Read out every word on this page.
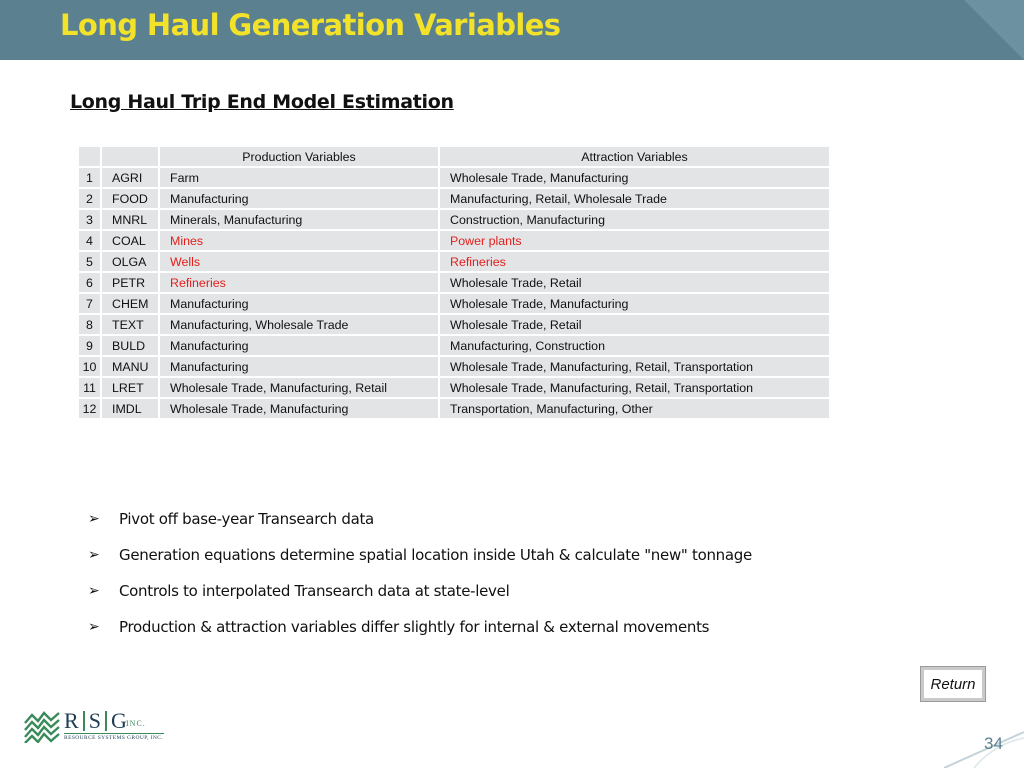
Long Haul Generation Variables
Long Haul Trip End Model Estimation
		Production Variables	Attraction Variables
1	AGRI	Farm	Wholesale Trade, Manufacturing
2	FOOD	Manufacturing	Manufacturing, Retail, Wholesale Trade
3	MNRL	Minerals, Manufacturing	Construction, Manufacturing
4	COAL	Mines	Power plants
5	OLGA	Wells	Refineries
6	PETR	Refineries	Wholesale Trade, Retail
7	CHEM	Manufacturing	Wholesale Trade, Manufacturing
8	TEXT	Manufacturing, Wholesale Trade	Wholesale Trade, Retail
9	BULD	Manufacturing	Manufacturing, Construction
10	MANU	Manufacturing	Wholesale Trade, Manufacturing, Retail, Transportation
11	LRET	Wholesale Trade, Manufacturing, Retail	Wholesale Trade, Manufacturing, Retail, Transportation
12	IMDL	Wholesale Trade, Manufacturing	Transportation, Manufacturing, Other
➢	Pivot off base-year Transearch data
➢	Generation equations determine spatial location inside Utah & calculate "new" tonnage
➢	Controls to interpolated Transearch data at state-level
➢	Production & attraction variables differ slightly for internal & external movements
Return
R S G INC.
RESOURCE SYSTEMS GROUP, INC.	34
